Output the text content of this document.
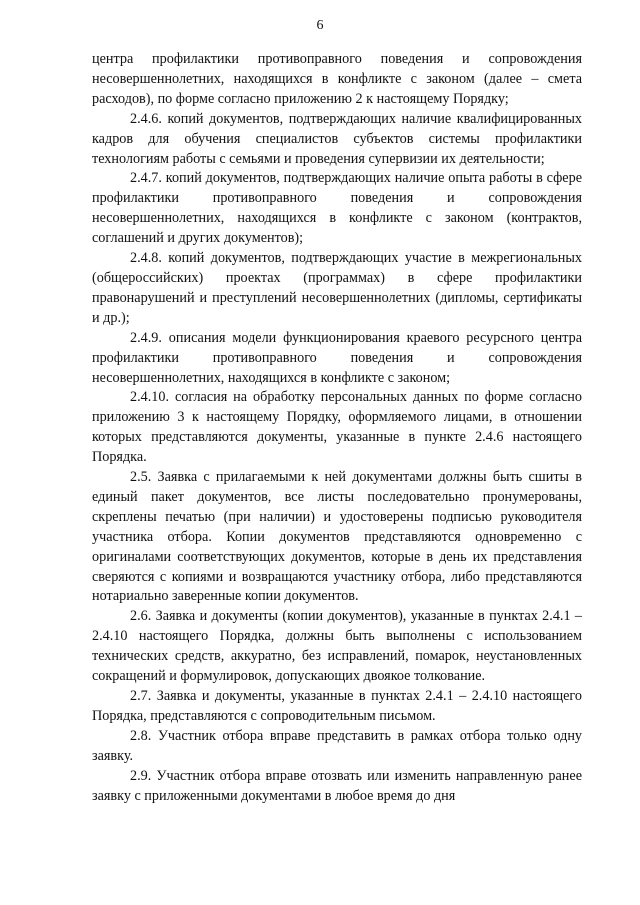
6

центра профилактики противоправного поведения и сопровождения несовершеннолетних, находящихся в конфликте с законом (далее – смета расходов), по форме согласно приложению 2 к настоящему Порядку;

2.4.6. копий документов, подтверждающих наличие квалифицированных кадров для обучения специалистов субъектов системы профилактики технологиям работы с семьями и проведения супервизии их деятельности;

2.4.7. копий документов, подтверждающих наличие опыта работы в сфере профилактики противоправного поведения и сопровождения несовершеннолетних, находящихся в конфликте с законом (контрактов, соглашений и других документов);

2.4.8. копий документов, подтверждающих участие в межрегиональных (общероссийских) проектах (программах) в сфере профилактики правонарушений и преступлений несовершеннолетних (дипломы, сертификаты и др.);

2.4.9. описания модели функционирования краевого ресурсного центра профилактики противоправного поведения и сопровождения несовершеннолетних, находящихся в конфликте с законом;

2.4.10. согласия на обработку персональных данных по форме согласно приложению 3 к настоящему Порядку, оформляемого лицами, в отношении которых представляются документы, указанные в пункте 2.4.6 настоящего Порядка.

2.5. Заявка с прилагаемыми к ней документами должны быть сшиты в единый пакет документов, все листы последовательно пронумерованы, скреплены печатью (при наличии) и удостоверены подписью руководителя участника отбора. Копии документов представляются одновременно с оригиналами соответствующих документов, которые в день их представления сверяются с копиями и возвращаются участнику отбора, либо представляются нотариально заверенные копии документов.

2.6. Заявка и документы (копии документов), указанные в пунктах 2.4.1 – 2.4.10 настоящего Порядка, должны быть выполнены с использованием технических средств, аккуратно, без исправлений, помарок, неустановленных сокращений и формулировок, допускающих двоякое толкование.

2.7. Заявка и документы, указанные в пунктах 2.4.1 – 2.4.10 настоящего Порядка, представляются с сопроводительным письмом.

2.8. Участник отбора вправе представить в рамках отбора только одну заявку.

2.9. Участник отбора вправе отозвать или изменить направленную ранее заявку с приложенными документами в любое время до дня
